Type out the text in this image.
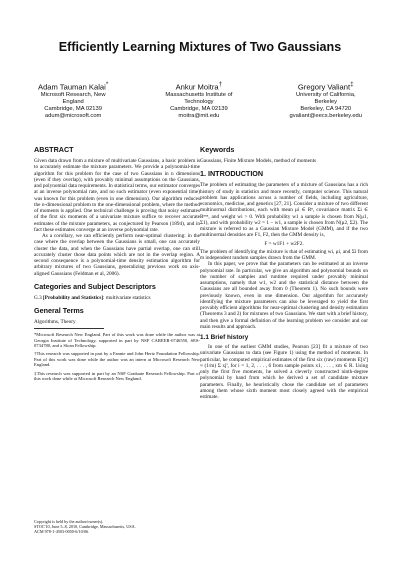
Efficiently Learning Mixtures of Two Gaussians
Adam Tauman Kalai*
Microsoft Research, New
England
Cambridge, MA 02139
adum@microsoft.com
Ankur Moitra†
Massachusetts Institute of
Technology
Cambridge, MA 02139
moitra@mit.edu
Gregory Valiant‡
University of California,
Berkeley
Berkeley, CA 94720
gvaliant@eecs.berkeley.edu
ABSTRACT

Given data drawn from a mixture of multivariate Gaussians, a basic problem is to accurately estimate the mixture parameters. We provide a polynomial-time algorithm for this problem for the case of two Gaussians in n dimensions (even if they overlap), with provably minimal assumptions on the Gaussians, and polynomial data requirements. In statistical terms, our estimator converges at an inverse polynomial rate, and no such estimator (even exponential time) was known for this problem (even in one dimension). Our algorithm reduces the n-dimensional problem to the one-dimensional problem, where the method of moments is applied. One technical challenge is proving that noisy estimates of the first six moments of a univariate mixture suffice to recover accurate estimates of the mixture parameters, as conjectured by Pearson (1894), and in fact these estimates converge at an inverse polynomial rate.

As a corollary, we can efficiently perform near-optimal clustering: in the case where the overlap between the Gaussians is small, one can accurately cluster the data, and when the Gaussians have partial overlap, one can still accurately cluster those data points which are not in the overlap region. A second consequence is a polynomial-time density estimation algorithm for arbitrary mixtures of two Gaussians, generalizing previous work on axis-aligned Gaussians (Feldman et al, 2006).

Categories and Subject Descriptors

G.3 [Probability and Statistics]: multivariate statistics

General Terms

Algorithms, Theory

*Microsoft Research New England. Part of this work was done while the author was at Georgia Institute of Technology, supported in part by NSF CAREER-0746550, SES-0734780, and a Sloan Fellowship.

†This research was supported in part by a Fannie and John Hertz Foundation Fellowship. Part of this work was done while the author was an intern at Microsoft Research New England.

‡This research was supported in part by an NSF Graduate Research Fellowship. Part of this work done while at Microsoft Research New England.

Copyright is held by the author/owner(s).
STOC'10, June 5–8, 2010, Cambridge, Massachusetts, USA.
ACM 978-1-4503-0050-6/10/06.
Keywords

Gaussians, Finite Mixture Models, method of moments

1. INTRODUCTION

The problem of estimating the parameters of a mixture of Gaussians has a rich history of study in statistics and more recently, computer science. This natural problem has applications across a number of fields, including agriculture, economics, medicine, and genetics [27, 21]. Consider a mixture of two different multinormal distributions, each with mean μi ∈ Rⁿ, covariance matrix Σi ∈ Rⁿˣⁿ, and weight wi > 0. With probability w1 a sample is chosen from N(μ1, Σ1), and with probability w2 = 1 − w1, a sample is chosen from N(μ2, Σ2). The mixture is referred to as a Gaussian Mixture Model (GMM), and if the two multinormal densities are F1, F2, then the GMM density is,

F = w1F1 + w2F2.

The problem of identifying the mixture is that of estimating wi, μi, and Σi from m independent random samples drawn from the GMM.

In this paper, we prove that the parameters can be estimated at an inverse polynomial rate. In particular, we give an algorithm and polynomial bounds on the number of samples and runtime required under provably minimal assumptions, namely that w1, w2 and the statistical distance between the Gaussians are all bounded away from 0 (Theorem 1). No such bounds were previously known, even in one dimension. Our algorithm for accurately identifying the mixture parameters can also be leveraged to yield the first provably efficient algorithms for near-optimal clustering and density estimation (Theorems 3 and 2) for mixtures of two Gaussians. We start with a brief history, and then give a formal definition of the learning problem we consider and our main results and approach.

1.1 Brief history

In one of the earliest GMM studies, Pearson [23] fit a mixture of two univariate Gaussians to data (see Figure 1) using the method of moments. In particular, he computed empirical estimates of the first six (raw) moments E[xⁱ] ≈ (1/m) Σ xjⁱ, for i = 1, 2, . . . , 6 from sample points x1, . . . , xm ∈ R. Using only the first five moments, he solved a cleverly constructed ninth-degree polynomial by hand from which he derived a set of candidate mixture parameters. Finally, he heuristically chose the candidate set of parameters among them whose sixth moment most closely agreed with the empirical estimate.
